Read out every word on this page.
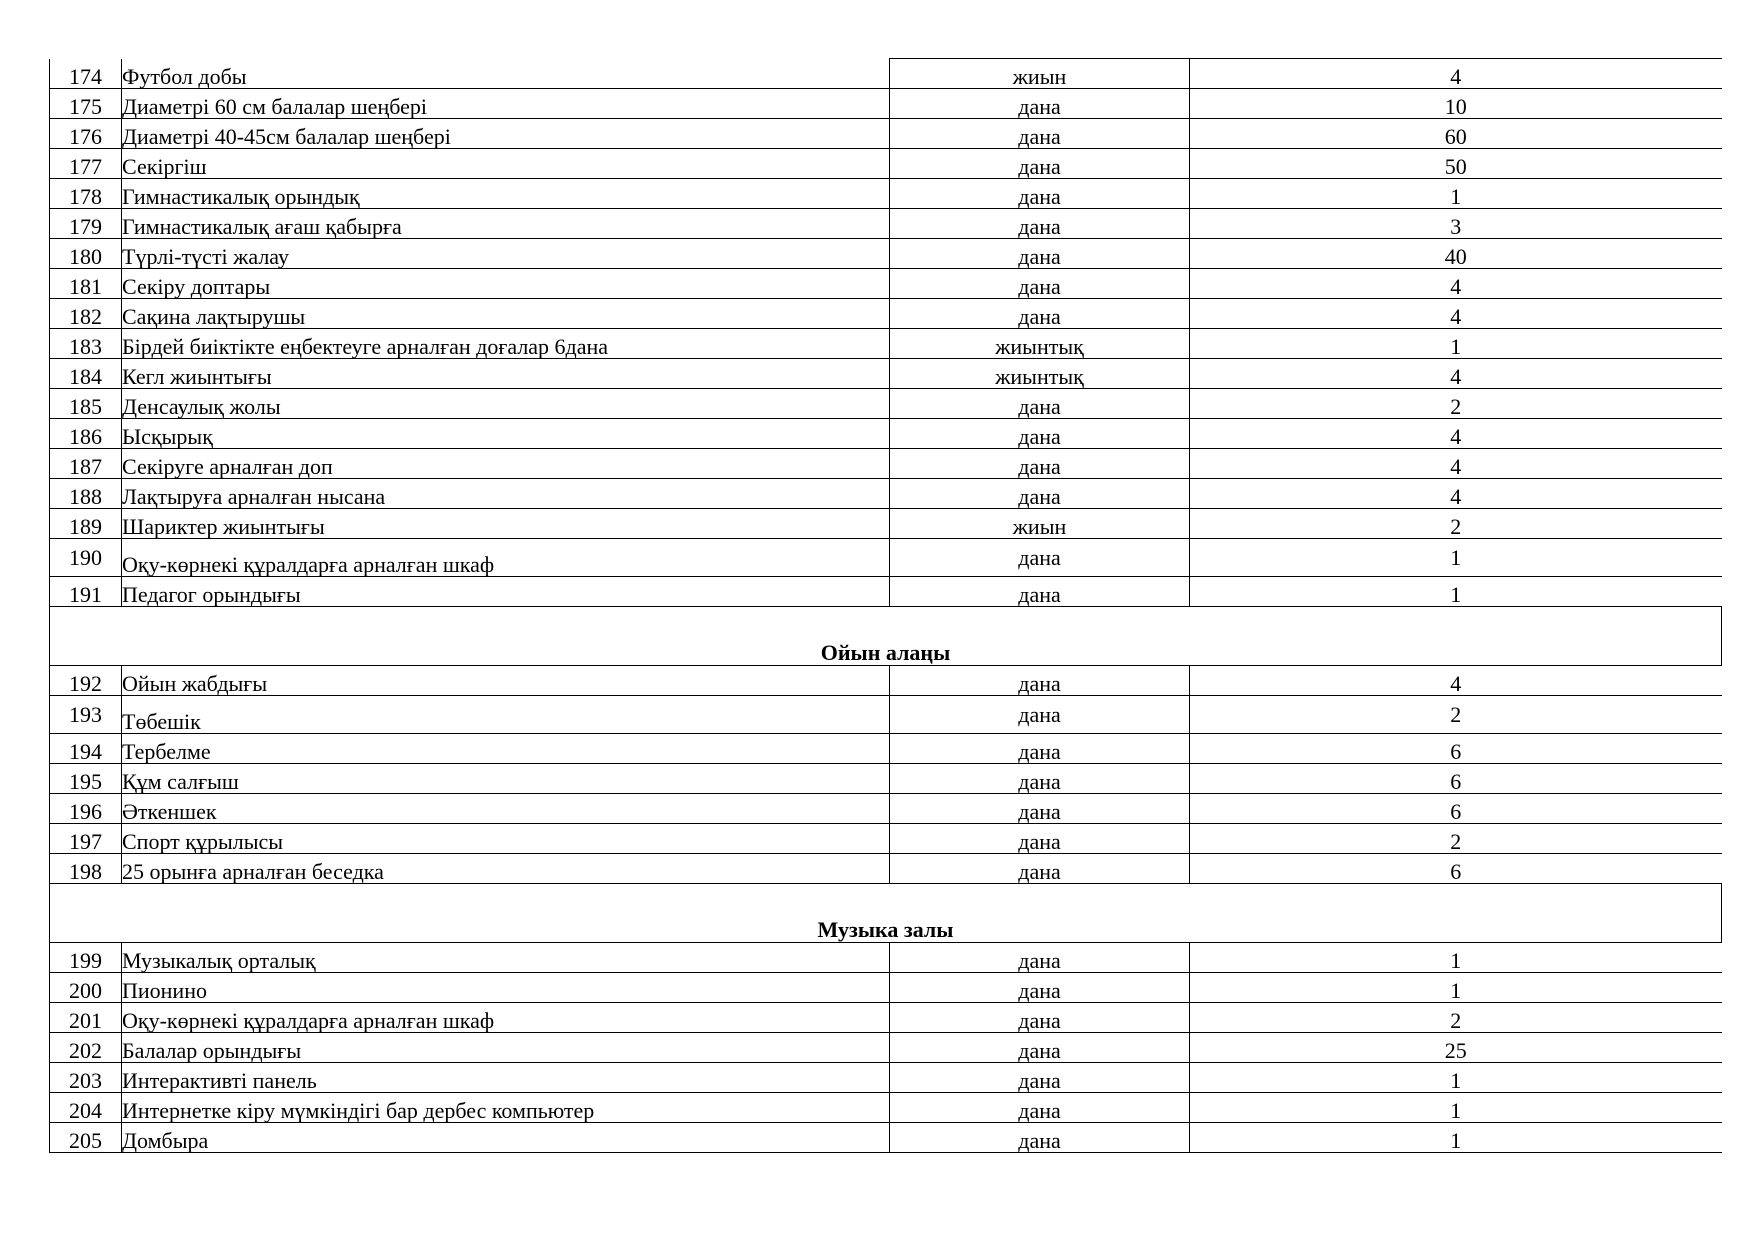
174	Футбол добы	жиын	4
175	Диаметрі 60 см балалар шеңбері	дана	10
176	Диаметрі 40-45см балалар шеңбері	дана	60
177	Секіргіш	дана	50
178	Гимнастикалық орындық	дана	1
179	Гимнастикалық ағаш қабырға	дана	3
180	Түрлі-түсті жалау	дана	40
181	Секіру доптары	дана	4
182	Сақина лақтырушы	дана	4
183	Бірдей биіктікте еңбектеуге арналған доғалар 6дана	жиынтық	1
184	Кегл жиынтығы	жиынтық	4
185	Денсаулық жолы	дана	2
186	Ысқырық	дана	4
187	Секіруге арналған доп	дана	4
188	Лақтыруға арналған нысана	дана	4
189	Шариктер жиынтығы	жиын	2
190	Оқу-көрнекі құралдарға арналған шкаф	дана	1
191	Педагог орындығы	дана	1
Ойын алаңы			
192	Ойын жабдығы	дана	4
193	Төбешік	дана	2
194	Тербелме	дана	6
195	Құм салғыш	дана	6
196	Әткеншек	дана	6
197	Спорт құрылысы	дана	2
198	25 орынға арналған беседка	дана	6
Музыка залы			
199	Музыкалық орталық	дана	1
200	Пионино	дана	1
201	Оқу-көрнекі құралдарға арналған шкаф	дана	2
202	Балалар орындығы	дана	25
203	Интерактивті панель	дана	1
204	Интернетке кіру мүмкіндігі бар дербес компьютер	дана	1
205	Домбыра	дана	1
